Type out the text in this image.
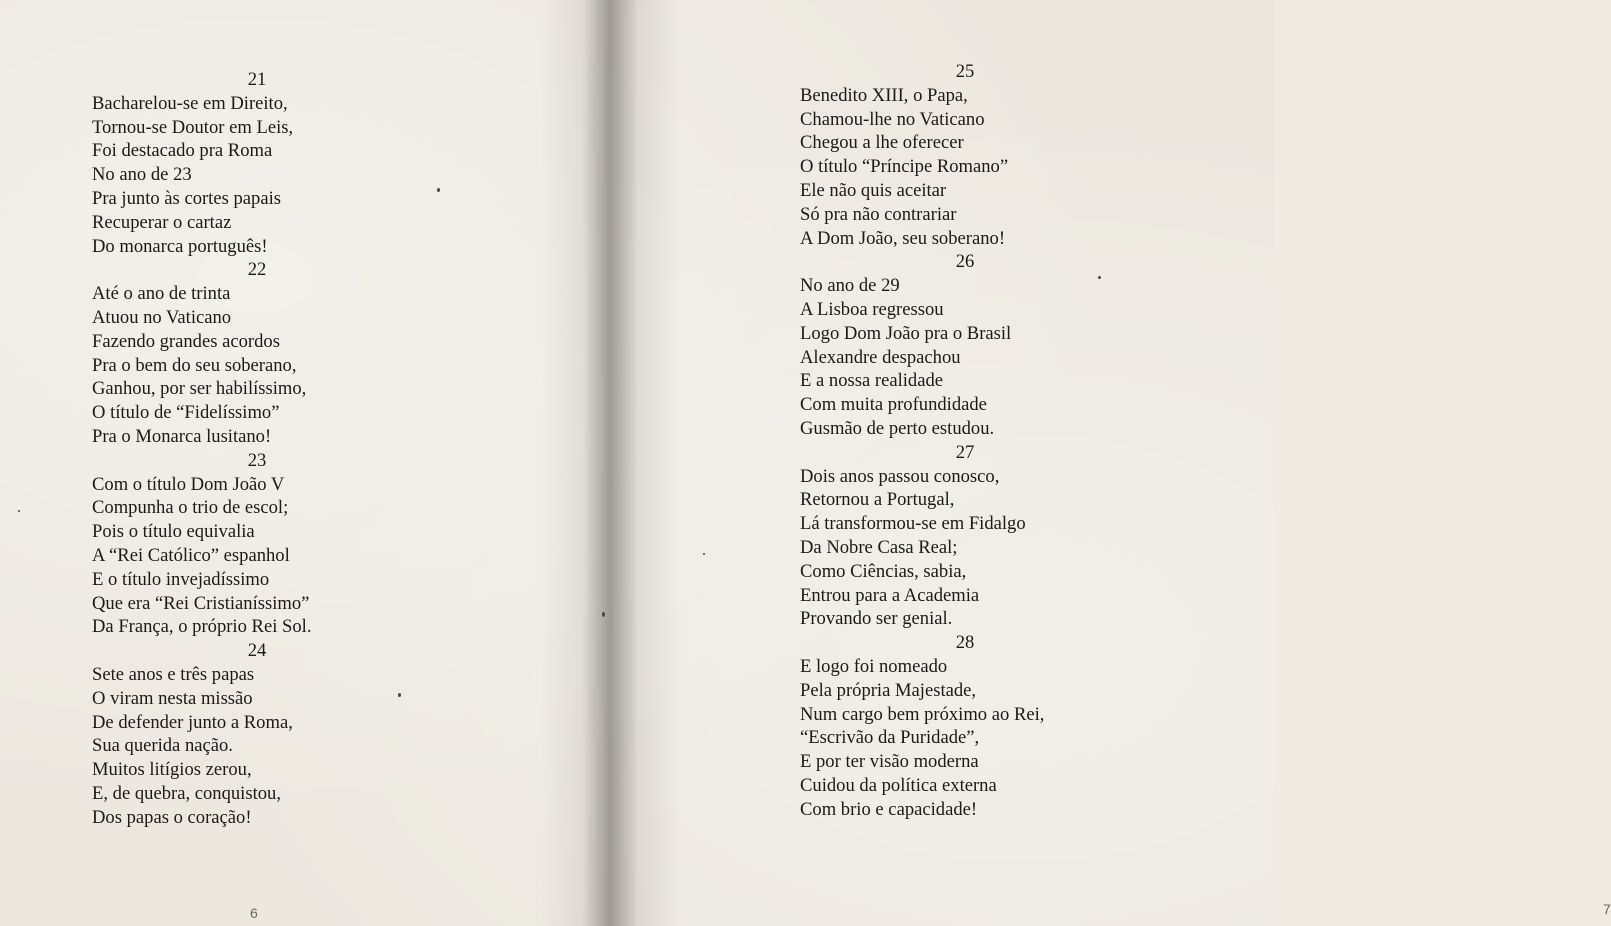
21
Bacharelou-se em Direito,
Tornou-se Doutor em Leis,
Foi destacado pra Roma
No ano de 23
Pra junto às cortes papais
Recuperar o cartaz
Do monarca português!
22
Até o ano de trinta
Atuou no Vaticano
Fazendo grandes acordos
Pra o bem do seu soberano,
Ganhou, por ser habilíssimo,
O título de “Fidelíssimo”
Pra o Monarca lusitano!
23
Com o título Dom João V
Compunha o trio de escol;
Pois o título equivalia
A “Rei Católico” espanhol
E o título invejadíssimo
Que era “Rei Cristianíssimo”
Da França, o próprio Rei Sol.
24
Sete anos e três papas
O viram nesta missão
De defender junto a Roma,
Sua querida nação.
Muitos litígios zerou,
E, de quebra, conquistou,
Dos papas o coração!
6	7
25
Benedito XIII, o Papa,
Chamou-lhe no Vaticano
Chegou a lhe oferecer
O título “Príncipe Romano”
Ele não quis aceitar
Só pra não contrariar
A Dom João, seu soberano!
26
No ano de 29
A Lisboa regressou
Logo Dom João pra o Brasil
Alexandre despachou
E a nossa realidade
Com muita profundidade
Gusmão de perto estudou.
27
Dois anos passou conosco,
Retornou a Portugal,
Lá transformou-se em Fidalgo
Da Nobre Casa Real;
Como Ciências, sabia,
Entrou para a Academia
Provando ser genial.
28
E logo foi nomeado
Pela própria Majestade,
Num cargo bem próximo ao Rei,
“Escrivão da Puridade”,
E por ter visão moderna
Cuidou da política externa
Com brio e capacidade!
